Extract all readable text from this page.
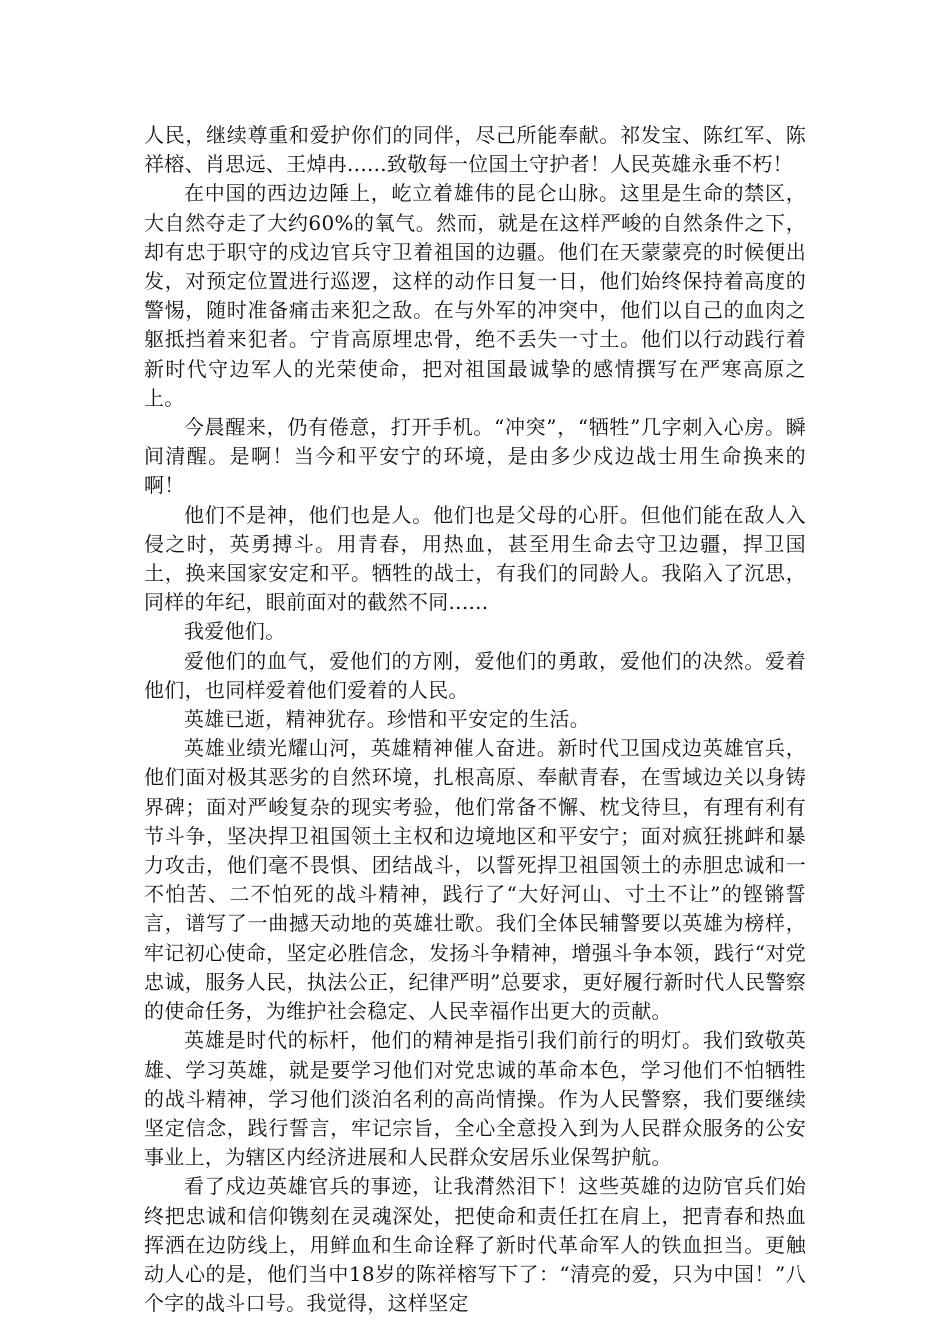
人民，继续尊重和爱护你们的同伴，尽己所能奉献。祁发宝、陈红军、陈祥榕、肖思远、王焯冉......致敬每一位国土守护者！人民英雄永垂不朽！

在中国的西边边陲上，屹立着雄伟的昆仑山脉。这里是生命的禁区，大自然夺走了大约60%的氧气。然而，就是在这样严峻的自然条件之下，却有忠于职守的戍边官兵守卫着祖国的边疆。他们在天蒙蒙亮的时候便出发，对预定位置进行巡逻，这样的动作日复一日，他们始终保持着高度的警惕，随时准备痛击来犯之敌。在与外军的冲突中，他们以自己的血肉之躯抵挡着来犯者。宁肯高原埋忠骨，绝不丢失一寸土。他们以行动践行着新时代守边军人的光荣使命，把对祖国最诚挚的感情撰写在严寒高原之上。

今晨醒来，仍有倦意，打开手机。“冲突”，“牺牲”几字刺入心房。瞬间清醒。是啊！当今和平安宁的环境，是由多少戍边战士用生命换来的啊！

他们不是神，他们也是人。他们也是父母的心肝。但他们能在敌人入侵之时，英勇搏斗。用青春，用热血，甚至用生命去守卫边疆，捍卫国土，换来国家安定和平。牺牲的战士，有我们的同龄人。我陷入了沉思，同样的年纪，眼前面对的截然不同......

我爱他们。

爱他们的血气，爱他们的方刚，爱他们的勇敢，爱他们的决然。爱着他们，也同样爱着他们爱着的人民。

英雄已逝，精神犹存。珍惜和平安定的生活。

英雄业绩光耀山河，英雄精神催人奋进。新时代卫国戍边英雄官兵，他们面对极其恶劣的自然环境，扎根高原、奉献青春，在雪域边关以身铸界碑；面对严峻复杂的现实考验，他们常备不懈、枕戈待旦，有理有利有节斗争，坚决捍卫祖国领土主权和边境地区和平安宁；面对疯狂挑衅和暴力攻击，他们毫不畏惧、团结战斗，以誓死捍卫祖国领土的赤胆忠诚和一不怕苦、二不怕死的战斗精神，践行了“大好河山、寸土不让”的铿锵誓言，谱写了一曲撼天动地的英雄壮歌。我们全体民辅警要以英雄为榜样，牢记初心使命，坚定必胜信念，发扬斗争精神，增强斗争本领，践行“对党忠诚，服务人民，执法公正，纪律严明”总要求，更好履行新时代人民警察的使命任务，为维护社会稳定、人民幸福作出更大的贡献。

英雄是时代的标杆，他们的精神是指引我们前行的明灯。我们致敬英雄、学习英雄，就是要学习他们对党忠诚的革命本色，学习他们不怕牺牲的战斗精神，学习他们淡泊名利的高尚情操。作为人民警察，我们要继续坚定信念，践行誓言，牢记宗旨，全心全意投入到为人民群众服务的公安事业上，为辖区内经济进展和人民群众安居乐业保驾护航。

看了戍边英雄官兵的事迹，让我潸然泪下！这些英雄的边防官兵们始终把忠诚和信仰镌刻在灵魂深处，把使命和责任扛在肩上，把青春和热血挥洒在边防线上，用鲜血和生命诠释了新时代革命军人的铁血担当。更触动人心的是，他们当中18岁的陈祥榕写下了：“清亮的爱，只为中国！”八个字的战斗口号。我觉得，这样坚定
